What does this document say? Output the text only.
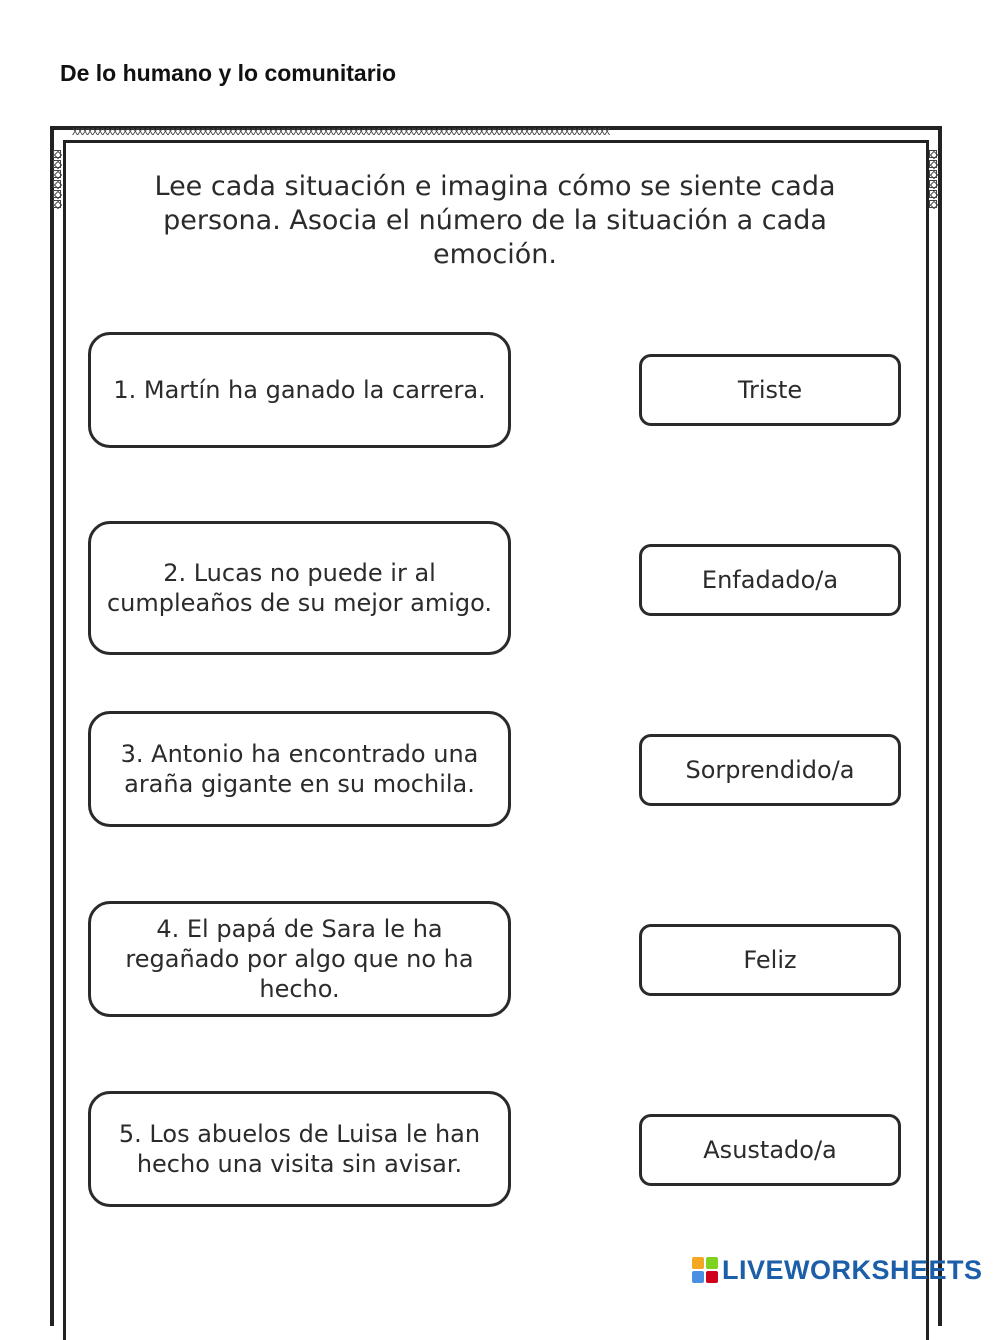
De lo humano y lo comunitario
XXXXXXXXXXXXXXXXXXXXXXXXXXXXXXXXXXXXXXXXXXXXXXXXXXXXXXXXXXXXXXXXXXXXXXXXXXXXXXXXXXXXXXXXXXXXXXXXXXXXXXXXXXX
Lee cada situación e imagina cómo se siente cada persona. Asocia el número de la situación a cada emoción.
1. Martín ha ganado la carrera.
2. Lucas no puede ir al cumpleaños de su mejor amigo.
3. Antonio ha encontrado una araña gigante en su mochila.
4. El papá de Sara le ha regañado por algo que no ha hecho.
5. Los abuelos de Luisa le han hecho una visita sin avisar.
Triste
Enfadado/a
Sorprendido/a
Feliz
Asustado/a
LIVEWORKSHEETS
